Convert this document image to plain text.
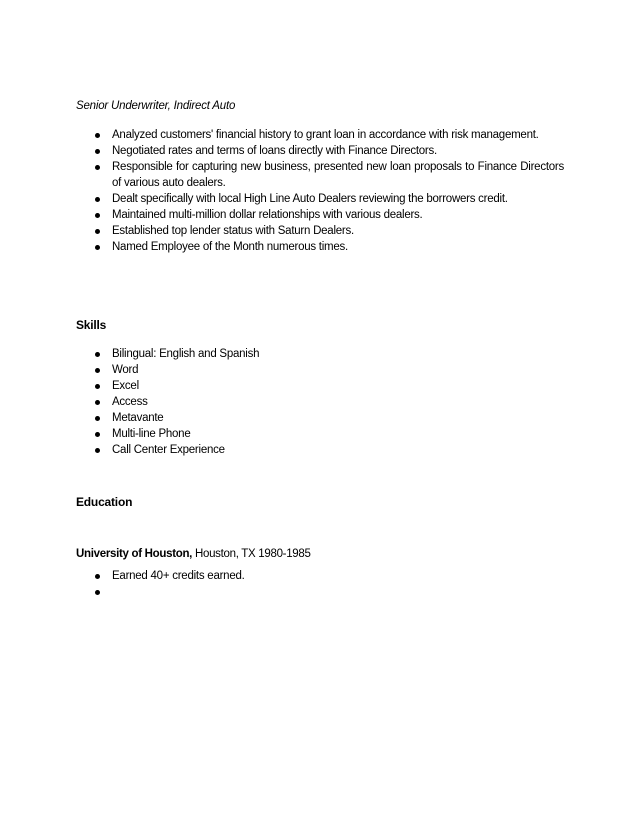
Senior Underwriter, Indirect Auto

Analyzed customers' financial history to grant loan in accordance with risk management.
Negotiated rates and terms of loans directly with Finance Directors.
Responsible for capturing new business, presented new loan proposals to Finance Directors of various auto dealers.
Dealt specifically with local High Line Auto Dealers reviewing the borrowers credit.
Maintained multi-million dollar relationships with various dealers.
Established top lender status with Saturn Dealers.
Named Employee of the Month numerous times.

Skills

Bilingual: English and Spanish
Word
Excel
Access
Metavante
Multi-line Phone
Call Center Experience

Education

University of Houston, Houston, TX 1980-1985

Earned 40+ credits earned.
